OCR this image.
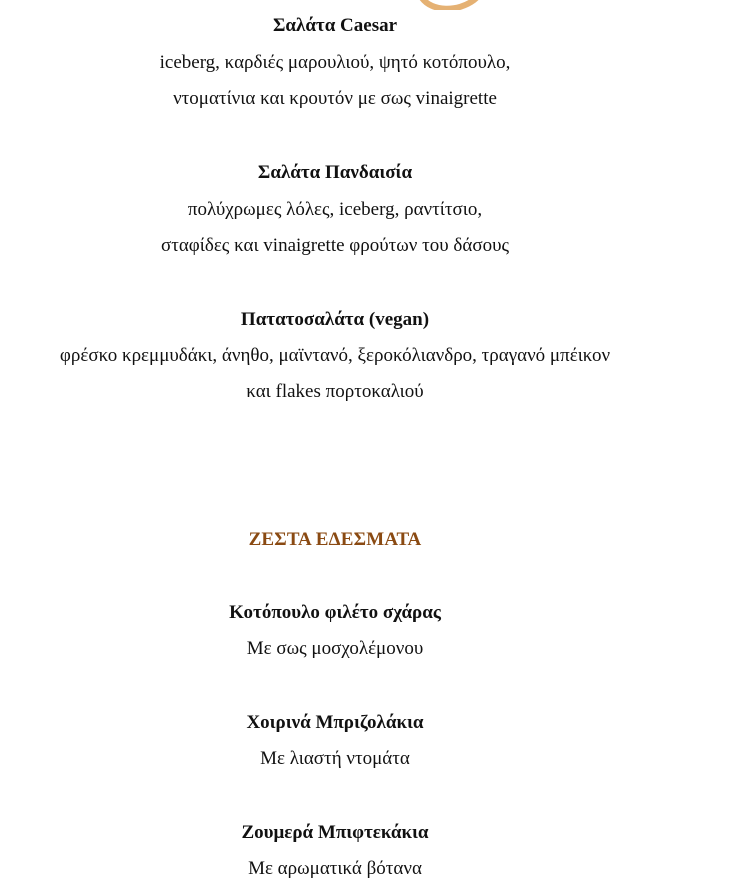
Σαλάτα Caesar
iceberg, καρδιές μαρουλιού, ψητό κοτόπουλο,
ντοματίνια και κρουτόν με σως vinaigrette
Σαλάτα Πανδαισία
πολύχρωμες λόλες, iceberg, ραντίτσιο,
σταφίδες και vinaigrette φρούτων του δάσους
Πατατοσαλάτα (vegan)
φρέσκο κρεμμυδάκι, άνηθο, μαϊντανό, ξεροκόλιανδρο, τραγανό μπέικον
και flakes πορτοκαλιού
ΖΕΣΤΑ ΕΔΕΣΜΑΤΑ
Κοτόπουλο φιλέτο σχάρας
Με σως μοσχολέμονου
Χοιρινά Μπριζολάκια
Με λιαστή ντομάτα
Ζουμερά Μπιφτεκάκια
Με αρωματικά βότανα
